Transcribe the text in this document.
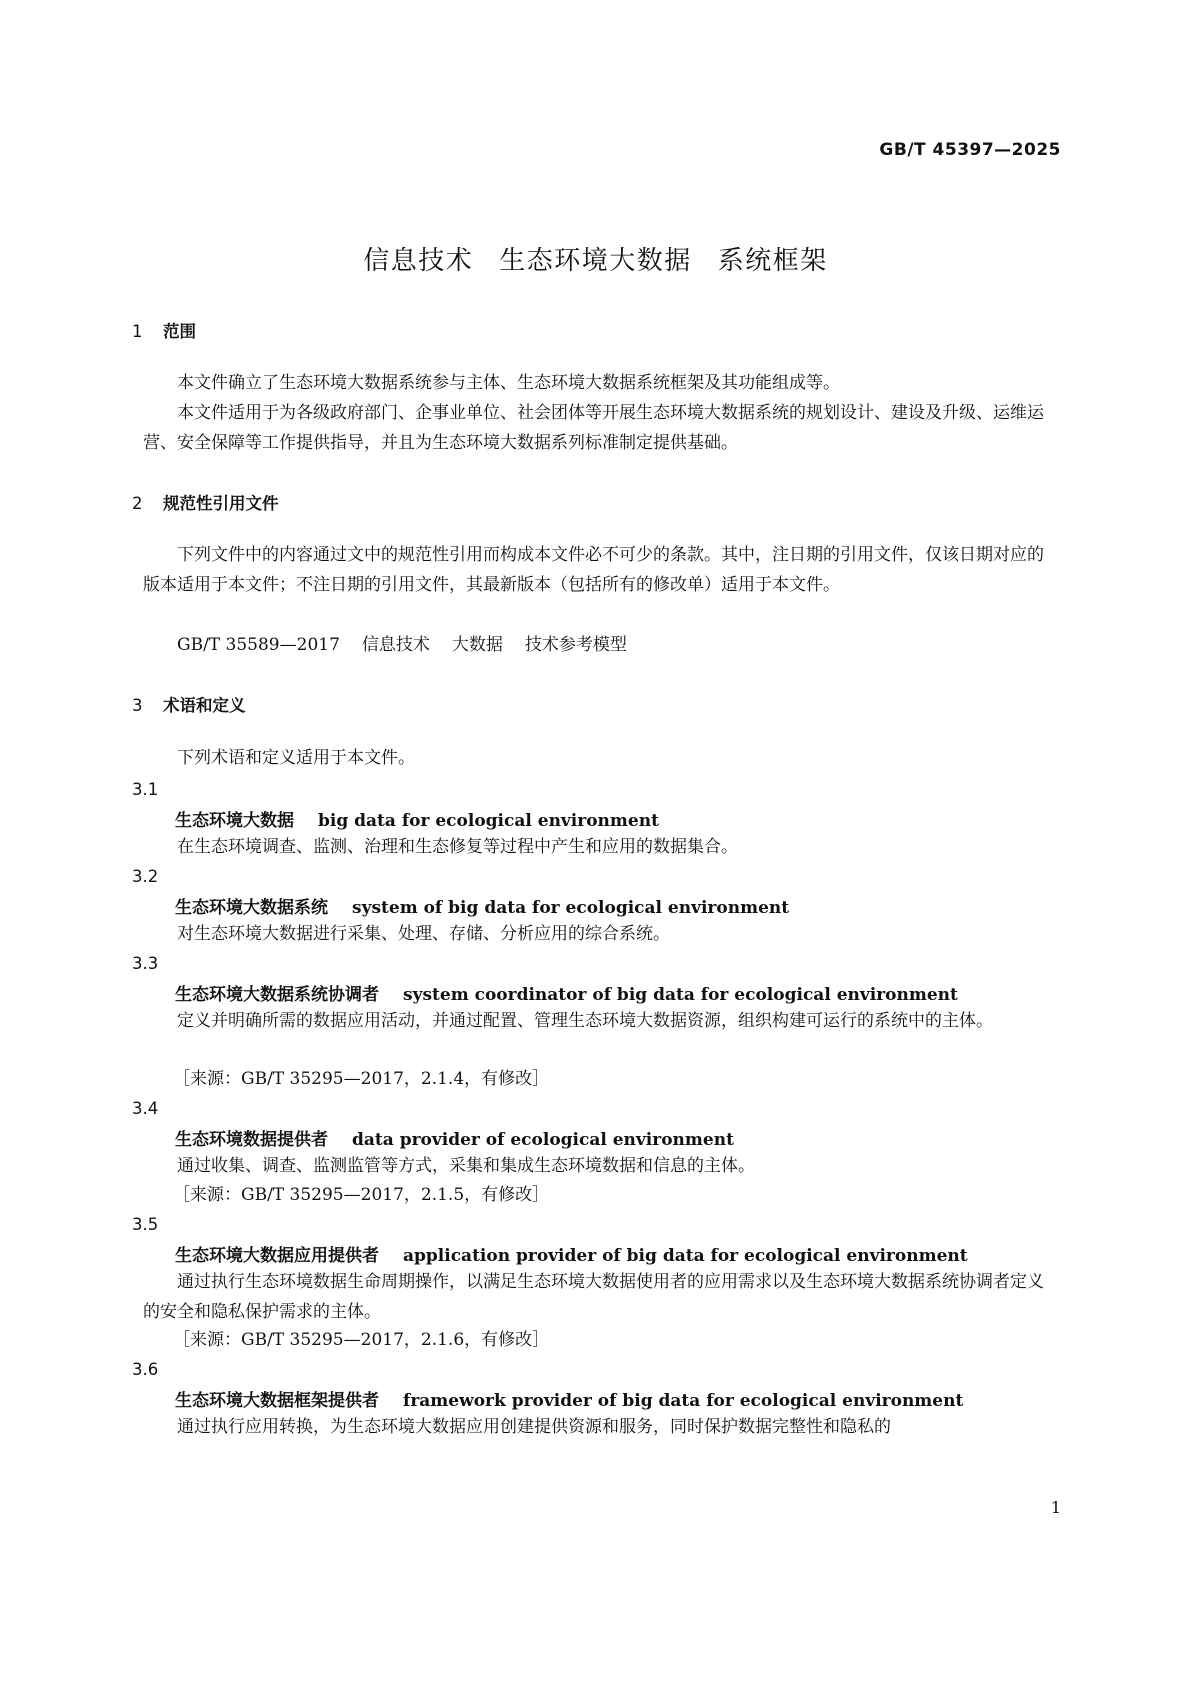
GB/T 45397—2025
信息技术 生态环境大数据 系统框架
1 范围
本文件确立了生态环境大数据系统参与主体、生态环境大数据系统框架及其功能组成等。
本文件适用于为各级政府部门、企事业单位、社会团体等开展生态环境大数据系统的规划设计、建设及升级、运维运营、安全保障等工作提供指导，并且为生态环境大数据系列标准制定提供基础。
2 规范性引用文件
下列文件中的内容通过文中的规范性引用而构成本文件必不可少的条款。其中，注日期的引用文件，仅该日期对应的版本适用于本文件；不注日期的引用文件，其最新版本（包括所有的修改单）适用于本文件。
GB/T 35589—2017 信息技术 大数据 技术参考模型
3 术语和定义
下列术语和定义适用于本文件。
3.1
生态环境大数据 big data for ecological environment
在生态环境调查、监测、治理和生态修复等过程中产生和应用的数据集合。
3.2
生态环境大数据系统 system of big data for ecological environment
对生态环境大数据进行采集、处理、存储、分析应用的综合系统。
3.3
生态环境大数据系统协调者 system coordinator of big data for ecological environment
定义并明确所需的数据应用活动，并通过配置、管理生态环境大数据资源，组织构建可运行的系统中的主体。
［来源：GB/T 35295—2017，2.1.4，有修改］
3.4
生态环境数据提供者 data provider of ecological environment
通过收集、调查、监测监管等方式，采集和集成生态环境数据和信息的主体。
［来源：GB/T 35295—2017，2.1.5，有修改］
3.5
生态环境大数据应用提供者 application provider of big data for ecological environment
通过执行生态环境数据生命周期操作，以满足生态环境大数据使用者的应用需求以及生态环境大数据系统协调者定义的安全和隐私保护需求的主体。
［来源：GB/T 35295—2017，2.1.6，有修改］
3.6
生态环境大数据框架提供者 framework provider of big data for ecological environment
通过执行应用转换，为生态环境大数据应用创建提供资源和服务，同时保护数据完整性和隐私的
1
